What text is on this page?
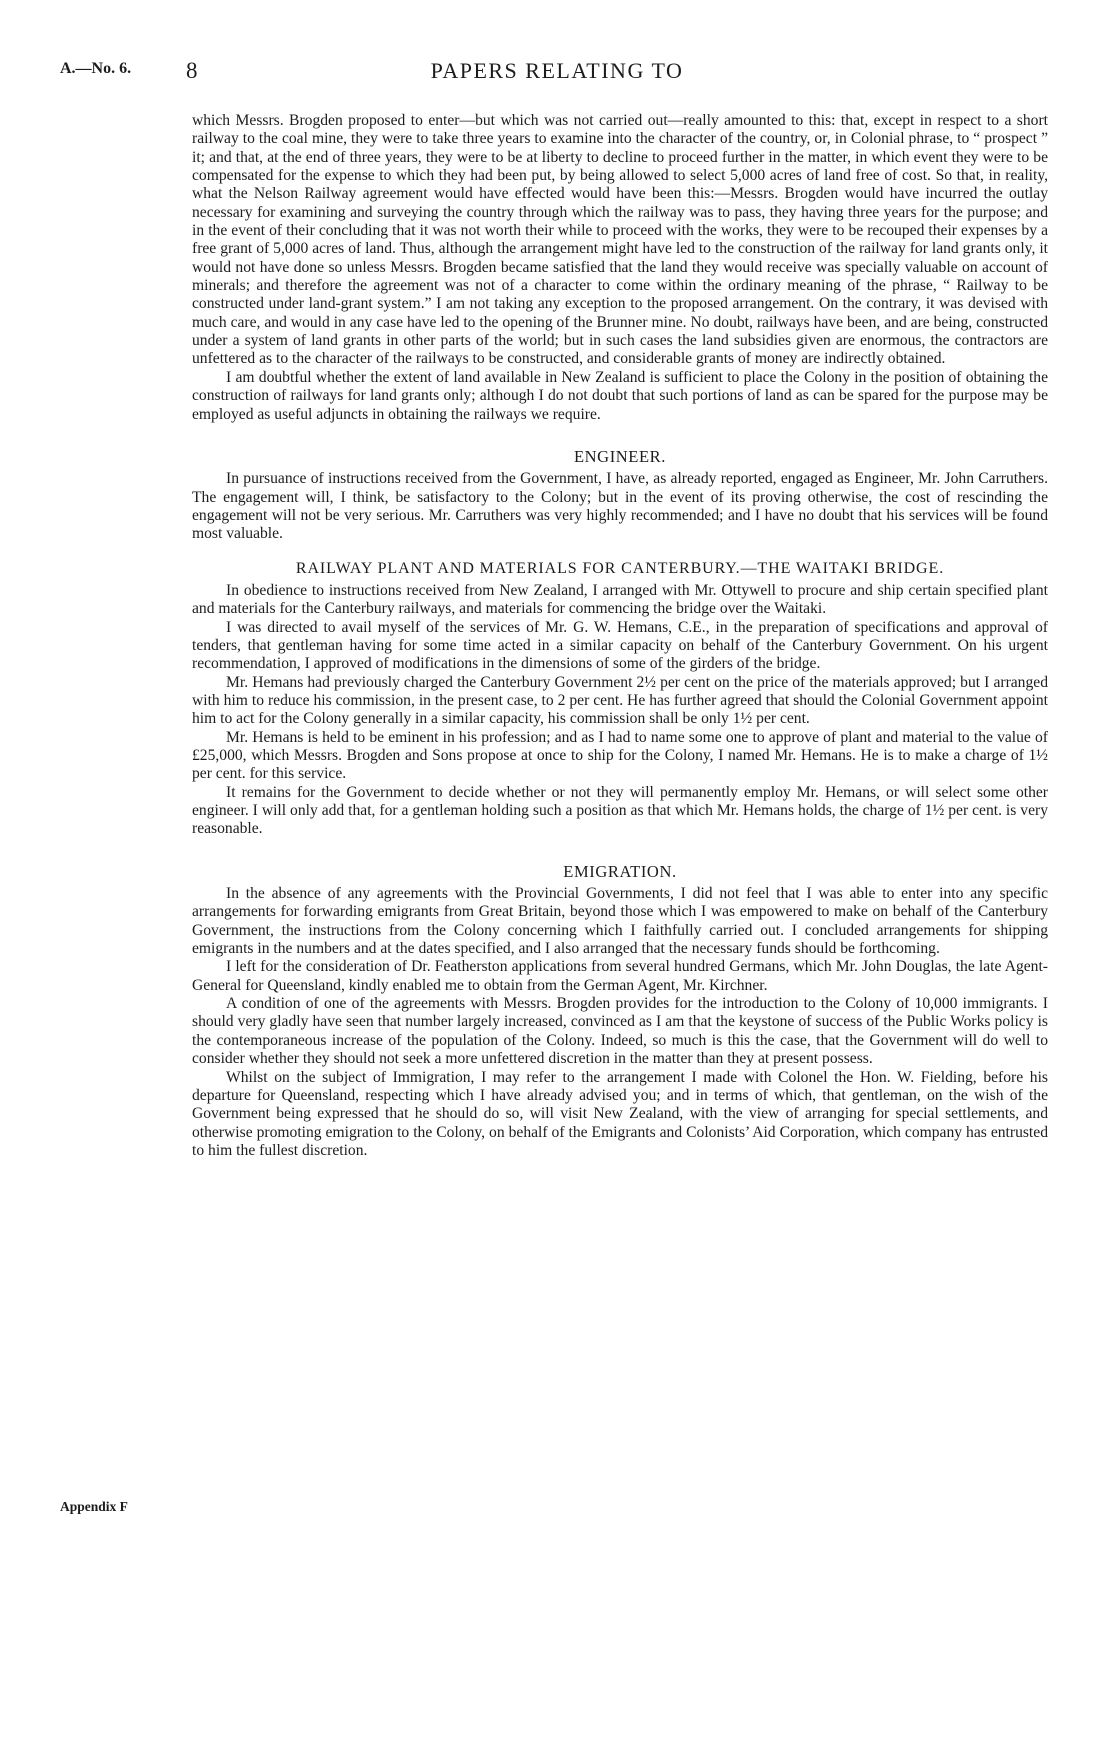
A.—No. 6. 8	PAPERS RELATING TO
Appendix F

which Messrs. Brogden proposed to enter—but which was not carried out—really amounted to this: that, except in respect to a short railway to the coal mine, they were to take three years to examine into the character of the country, or, in Colonial phrase, to “ prospect ” it; and that, at the end of three years, they were to be at liberty to decline to proceed further in the matter, in which event they were to be compensated for the expense to which they had been put, by being allowed to select 5,000 acres of land free of cost. So that, in reality, what the Nelson Railway agreement would have effected would have been this:—Messrs. Brogden would have incurred the outlay necessary for examining and surveying the country through which the railway was to pass, they having three years for the purpose; and in the event of their concluding that it was not worth their while to proceed with the works, they were to be recouped their expenses by a free grant of 5,000 acres of land. Thus, although the arrangement might have led to the construction of the railway for land grants only, it would not have done so unless Messrs. Brogden became satisfied that the land they would receive was specially valuable on account of minerals; and therefore the agreement was not of a character to come within the ordinary meaning of the phrase, “ Railway to be constructed under land-grant system.” I am not taking any exception to the proposed arrangement. On the contrary, it was devised with much care, and would in any case have led to the opening of the Brunner mine. No doubt, railways have been, and are being, constructed under a system of land grants in other parts of the world; but in such cases the land subsidies given are enormous, the contractors are unfettered as to the character of the railways to be constructed, and considerable grants of money are indirectly obtained.

I am doubtful whether the extent of land available in New Zealand is sufficient to place the Colony in the position of obtaining the construction of railways for land grants only; although I do not doubt that such portions of land as can be spared for the purpose may be employed as useful adjuncts in obtaining the railways we require.

ENGINEER.

In pursuance of instructions received from the Government, I have, as already reported, engaged as Engineer, Mr. John Carruthers. The engagement will, I think, be satisfactory to the Colony; but in the event of its proving otherwise, the cost of rescinding the engagement will not be very serious. Mr. Carruthers was very highly recommended; and I have no doubt that his services will be found most valuable.

RAILWAY PLANT AND MATERIALS FOR CANTERBURY.—THE WAITAKI BRIDGE.

In obedience to instructions received from New Zealand, I arranged with Mr. Ottywell to procure and ship certain specified plant and materials for the Canterbury railways, and materials for commencing the bridge over the Waitaki.

I was directed to avail myself of the services of Mr. G. W. Hemans, C.E., in the preparation of specifications and approval of tenders, that gentleman having for some time acted in a similar capacity on behalf of the Canterbury Government. On his urgent recommendation, I approved of modifications in the dimensions of some of the girders of the bridge.

Mr. Hemans had previously charged the Canterbury Government 2½ per cent on the price of the materials approved; but I arranged with him to reduce his commission, in the present case, to 2 per cent. He has further agreed that should the Colonial Government appoint him to act for the Colony generally in a similar capacity, his commission shall be only 1½ per cent.

Mr. Hemans is held to be eminent in his profession; and as I had to name some one to approve of plant and material to the value of £25,000, which Messrs. Brogden and Sons propose at once to ship for the Colony, I named Mr. Hemans. He is to make a charge of 1½ per cent. for this service.

It remains for the Government to decide whether or not they will permanently employ Mr. Hemans, or will select some other engineer. I will only add that, for a gentleman holding such a position as that which Mr. Hemans holds, the charge of 1½ per cent. is very reasonable.

EMIGRATION.

In the absence of any agreements with the Provincial Governments, I did not feel that I was able to enter into any specific arrangements for forwarding emigrants from Great Britain, beyond those which I was empowered to make on behalf of the Canterbury Government, the instructions from the Colony concerning which I faithfully carried out. I concluded arrangements for shipping emigrants in the numbers and at the dates specified, and I also arranged that the necessary funds should be forthcoming.

I left for the consideration of Dr. Featherston applications from several hundred Germans, which Mr. John Douglas, the late Agent-General for Queensland, kindly enabled me to obtain from the German Agent, Mr. Kirchner.

A condition of one of the agreements with Messrs. Brogden provides for the introduction to the Colony of 10,000 immigrants. I should very gladly have seen that number largely increased, convinced as I am that the keystone of success of the Public Works policy is the contemporaneous increase of the population of the Colony. Indeed, so much is this the case, that the Government will do well to consider whether they should not seek a more unfettered discretion in the matter than they at present possess.

Whilst on the subject of Immigration, I may refer to the arrangement I made with Colonel the Hon. W. Fielding, before his departure for Queensland, respecting which I have already advised you; and in terms of which, that gentleman, on the wish of the Government being expressed that he should do so, will visit New Zealand, with the view of arranging for special settlements, and otherwise promoting emigration to the Colony, on behalf of the Emigrants and Colonists’ Aid Corporation, which company has entrusted to him the fullest discretion.
